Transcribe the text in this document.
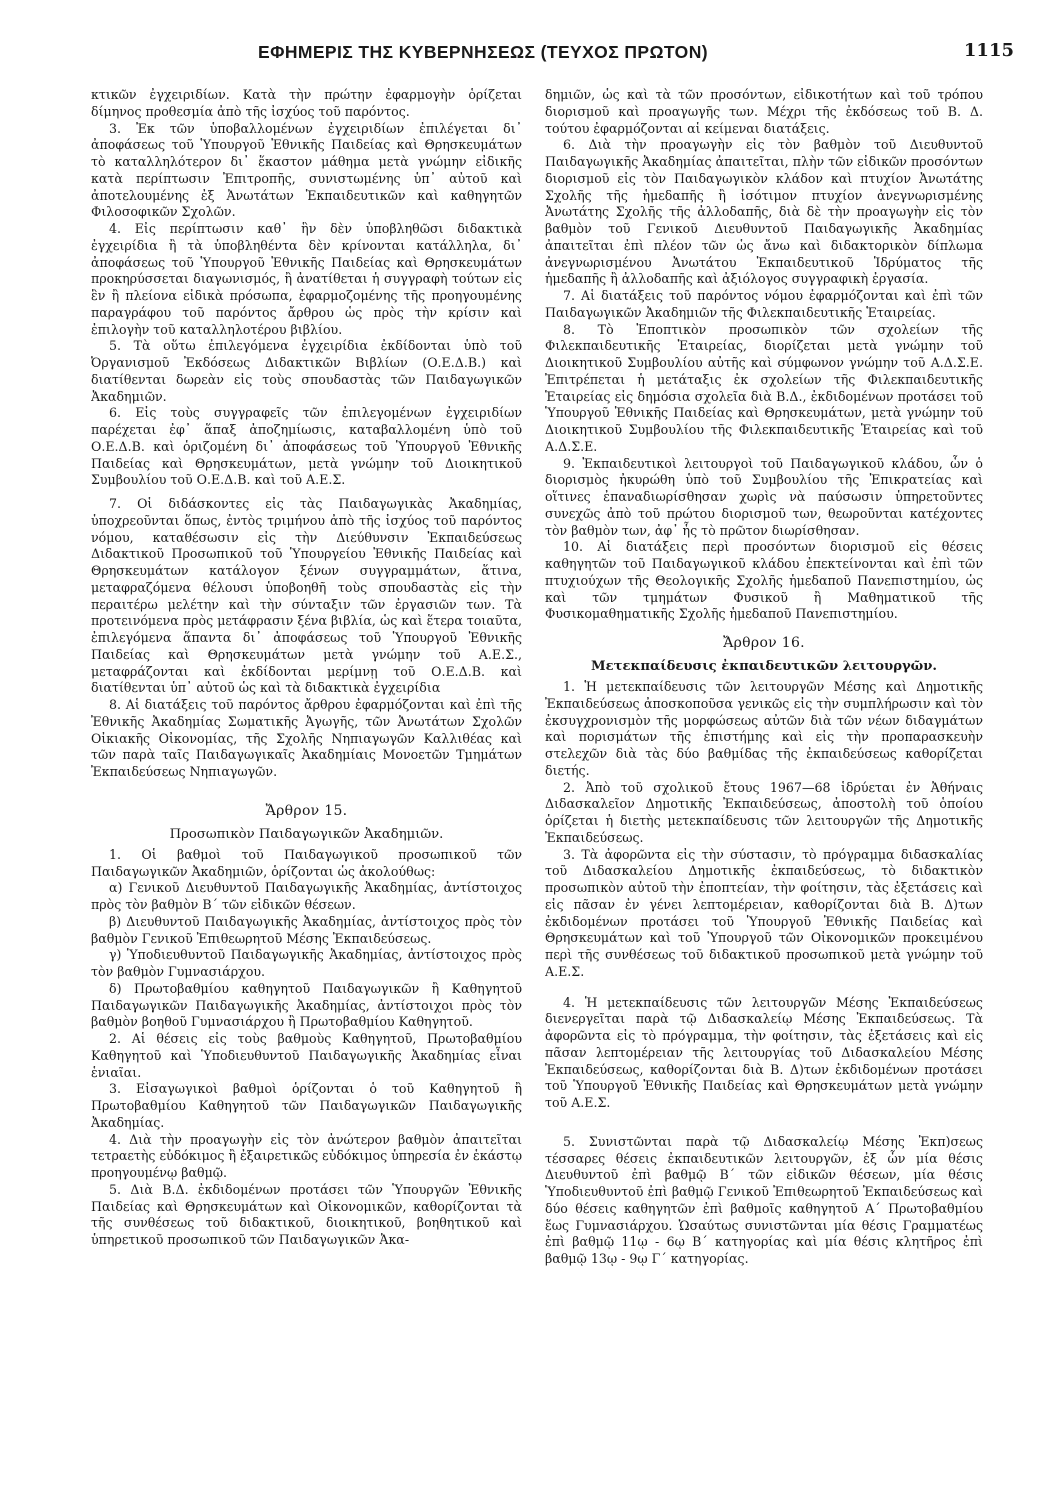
ΕΦΗΜΕΡΙΣ ΤΗΣ ΚΥΒΕΡΝΗΣΕΩΣ (ΤΕΥΧΟΣ ΠΡΩΤΟΝ)	1115

κτικῶν ἐγχειριδίων. Κατὰ τὴν πρώτην ἐφαρμογὴν ὁρίζεται δίμηνος προθεσμία ἀπὸ τῆς ἰσχύος τοῦ παρόντος.

3. Ἐκ τῶν ὑποβαλλομένων ἐγχειριδίων ἐπιλέγεται δι᾿ ἀποφάσεως τοῦ Ὑπουργοῦ Ἐθνικῆς Παιδείας καὶ Θρησκευμάτων τὸ καταλληλότερον δι᾿ ἕκαστον μάθημα μετὰ γνώμην εἰδικῆς κατὰ περίπτωσιν Ἐπιτροπῆς, συνιστωμένης ὑπ᾿ αὐτοῦ καὶ ἀποτελουμένης ἐξ Ἀνωτάτων Ἐκπαιδευτικῶν καὶ καθηγητῶν Φιλοσοφικῶν Σχολῶν.

4. Εἰς περίπτωσιν καθ᾿ ἣν δὲν ὑποβληθῶσι διδακτικὰ ἐγχειρίδια ἢ τὰ ὑποβληθέντα δὲν κρίνονται κατάλληλα, δι᾿ ἀποφάσεως τοῦ Ὑπουργοῦ Ἐθνικῆς Παιδείας καὶ Θρησκευμάτων προκηρύσσεται διαγωνισμός, ἢ ἀνατίθεται ἡ συγγραφὴ τούτων εἰς ἓν ἢ πλείονα εἰδικὰ πρόσωπα, ἐφαρμοζομένης τῆς προηγουμένης παραγράφου τοῦ παρόντος ἄρθρου ὡς πρὸς τὴν κρίσιν καὶ ἐπιλογὴν τοῦ καταλληλοτέρου βιβλίου.

5. Τὰ οὕτω ἐπιλεγόμενα ἐγχειρίδια ἐκδίδονται ὑπὸ τοῦ Ὀργανισμοῦ Ἐκδόσεως Διδακτικῶν Βιβλίων (Ο.Ε.Δ.Β.) καὶ διατίθενται δωρεὰν εἰς τοὺς σπουδαστὰς τῶν Παιδαγωγικῶν Ἀκαδημιῶν.

6. Εἰς τοὺς συγγραφεῖς τῶν ἐπιλεγομένων ἐγχειριδίων παρέχεται ἐφ᾿ ἅπαξ ἀποζημίωσις, καταβαλλομένη ὑπὸ τοῦ Ο.Ε.Δ.Β. καὶ ὁριζομένη δι᾿ ἀποφάσεως τοῦ Ὑπουργοῦ Ἐθνικῆς Παιδείας καὶ Θρησκευμάτων, μετὰ γνώμην τοῦ Διοικητικοῦ Συμβουλίου τοῦ Ο.Ε.Δ.Β. καὶ τοῦ Α.Ε.Σ.

7. Οἱ διδάσκοντες εἰς τὰς Παιδαγωγικὰς Ἀκαδημίας, ὑποχρεοῦνται ὅπως, ἐντὸς τριμήνου ἀπὸ τῆς ἰσχύος τοῦ παρόντος νόμου, καταθέσωσιν εἰς τὴν Διεύθυνσιν Ἐκπαιδεύσεως Διδακτικοῦ Προσωπικοῦ τοῦ Ὑπουργείου Ἐθνικῆς Παιδείας καὶ Θρησκευμάτων κατάλογον ξένων συγγραμμάτων, ἅτινα, μεταφραζόμενα θέλουσι ὑποβοηθῆ τοὺς σπουδαστὰς εἰς τὴν περαιτέρω μελέτην καὶ τὴν σύνταξιν τῶν ἐργασιῶν των. Τὰ προτεινόμενα πρὸς μετάφρασιν ξένα βιβλία, ὡς καὶ ἕτερα τοιαῦτα, ἐπιλεγόμενα ἅπαντα δι᾿ ἀποφάσεως τοῦ Ὑπουργοῦ Ἐθνικῆς Παιδείας καὶ Θρησκευμάτων μετὰ γνώμην τοῦ Α.Ε.Σ., μεταφράζονται καὶ ἐκδίδονται μερίμνῃ τοῦ Ο.Ε.Δ.Β. καὶ διατίθενται ὑπ᾿ αὐτοῦ ὡς καὶ τὰ διδακτικὰ ἐγχειρίδια

8. Αἱ διατάξεις τοῦ παρόντος ἄρθρου ἐφαρμόζονται καὶ ἐπὶ τῆς Ἐθνικῆς Ἀκαδημίας Σωματικῆς Ἀγωγῆς, τῶν Ἀνωτάτων Σχολῶν Οἰκιακῆς Οἰκονομίας, τῆς Σχολῆς Νηπιαγωγῶν Καλλιθέας καὶ τῶν παρὰ ταῖς Παιδαγωγικαῖς Ἀκαδημίαις Μονοετῶν Τμημάτων Ἐκπαιδεύσεως Νηπιαγωγῶν.

Ἄρθρον 15.

Προσωπικὸν Παιδαγωγικῶν Ἀκαδημιῶν.

1. Οἱ βαθμοὶ τοῦ Παιδαγωγικοῦ προσωπικοῦ τῶν Παιδαγωγικῶν Ἀκαδημιῶν, ὁρίζονται ὡς ἀκολούθως:

α) Γενικοῦ Διευθυντοῦ Παιδαγωγικῆς Ἀκαδημίας, ἀντίστοιχος πρὸς τὸν βαθμὸν Β΄ τῶν εἰδικῶν θέσεων.

β) Διευθυντοῦ Παιδαγωγικῆς Ἀκαδημίας, ἀντίστοιχος πρὸς τὸν βαθμὸν Γενικοῦ Ἐπιθεωρητοῦ Μέσης Ἐκπαιδεύσεως.

γ) Ὑποδιευθυντοῦ Παιδαγωγικῆς Ἀκαδημίας, ἀντίστοιχος πρὸς τὸν βαθμὸν Γυμνασιάρχου.

δ) Πρωτοβαθμίου καθηγητοῦ Παιδαγωγικῶν ἢ Καθηγητοῦ Παιδαγωγικῶν Παιδαγωγικῆς Ἀκαδημίας, ἀντίστοιχοι πρὸς τὸν βαθμὸν βοηθοῦ Γυμνασιάρχου ἢ Πρωτοβαθμίου Καθηγητοῦ.

2. Αἱ θέσεις εἰς τοὺς βαθμοὺς Καθηγητοῦ, Πρωτοβαθμίου Καθηγητοῦ καὶ Ὑποδιευθυντοῦ Παιδαγωγικῆς Ἀκαδημίας εἶναι ἑνιαῖαι.

3. Εἰσαγωγικοὶ βαθμοὶ ὁρίζονται ὁ τοῦ Καθηγητοῦ ἢ Πρωτοβαθμίου Καθηγητοῦ τῶν Παιδαγωγικῶν Παιδαγωγικῆς Ἀκαδημίας.

4. Διὰ τὴν προαγωγὴν εἰς τὸν ἀνώτερον βαθμὸν ἀπαιτεῖται τετραετὴς εὐδόκιμος ἢ ἐξαιρετικῶς εὐδόκιμος ὑπηρεσία ἐν ἑκάστῳ προηγουμένῳ βαθμῷ.

5. Διὰ Β.Δ. ἐκδιδομένων προτάσει τῶν Ὑπουργῶν Ἐθνικῆς Παιδείας καὶ Θρησκευμάτων καὶ Οἰκονομικῶν, καθορίζονται τὰ τῆς συνθέσεως τοῦ διδακτικοῦ, διοικητικοῦ, βοηθητικοῦ καὶ ὑπηρετικοῦ προσωπικοῦ τῶν Παιδαγωγικῶν Ἀκα-

δημιῶν, ὡς καὶ τὰ τῶν προσόντων, εἰδικοτήτων καὶ τοῦ τρόπου διορισμοῦ καὶ προαγωγῆς των. Μέχρι τῆς ἐκδόσεως τοῦ Β. Δ. τούτου ἐφαρμόζονται αἱ κείμεναι διατάξεις.

6. Διὰ τὴν προαγωγὴν εἰς τὸν βαθμὸν τοῦ Διευθυντοῦ Παιδαγωγικῆς Ἀκαδημίας ἀπαιτεῖται, πλὴν τῶν εἰδικῶν προσόντων διορισμοῦ εἰς τὸν Παιδαγωγικὸν κλάδον καὶ πτυχίον Ἀνωτάτης Σχολῆς τῆς ἡμεδαπῆς ἢ ἰσότιμον πτυχίον ἀνεγνωρισμένης Ἀνωτάτης Σχολῆς τῆς ἀλλοδαπῆς, διὰ δὲ τὴν προαγωγὴν εἰς τὸν βαθμὸν τοῦ Γενικοῦ Διευθυντοῦ Παιδαγωγικῆς Ἀκαδημίας ἀπαιτεῖται ἐπὶ πλέον τῶν ὡς ἄνω καὶ διδακτορικὸν δίπλωμα ἀνεγνωρισμένου Ἀνωτάτου Ἐκπαιδευτικοῦ Ἱδρύματος τῆς ἡμεδαπῆς ἢ ἀλλοδαπῆς καὶ ἀξιόλογος συγγραφικὴ ἐργασία.

7. Αἱ διατάξεις τοῦ παρόντος νόμου ἐφαρμόζονται καὶ ἐπὶ τῶν Παιδαγωγικῶν Ἀκαδημιῶν τῆς Φιλεκπαιδευτικῆς Ἑταιρείας.

8. Τὸ Ἐποπτικὸν προσωπικὸν τῶν σχολείων τῆς Φιλεκπαιδευτικῆς Ἑταιρείας, διορίζεται μετὰ γνώμην τοῦ Διοικητικοῦ Συμβουλίου αὐτῆς καὶ σύμφωνον γνώμην τοῦ Α.Δ.Σ.Ε. Ἐπιτρέπεται ἡ μετάταξις ἐκ σχολείων τῆς Φιλεκπαιδευτικῆς Ἑταιρείας εἰς δημόσια σχολεῖα διὰ Β.Δ., ἐκδιδομένων προτάσει τοῦ Ὑπουργοῦ Ἐθνικῆς Παιδείας καὶ Θρησκευμάτων, μετὰ γνώμην τοῦ Διοικητικοῦ Συμβουλίου τῆς Φιλεκπαιδευτικῆς Ἑταιρείας καὶ τοῦ Α.Δ.Σ.Ε.

9. Ἐκπαιδευτικοὶ λειτουργοὶ τοῦ Παιδαγωγικοῦ κλάδου, ὧν ὁ διορισμὸς ἠκυρώθη ὑπὸ τοῦ Συμβουλίου τῆς Ἐπικρατείας καὶ οἵτινες ἐπαναδιωρίσθησαν χωρὶς νὰ παύσωσιν ὑπηρετοῦντες συνεχῶς ἀπὸ τοῦ πρώτου διορισμοῦ των, θεωροῦνται κατέχοντες τὸν βαθμὸν των, ἀφ᾿ ἧς τὸ πρῶτον διωρίσθησαν.

10. Αἱ διατάξεις περὶ προσόντων διορισμοῦ εἰς θέσεις καθηγητῶν τοῦ Παιδαγωγικοῦ κλάδου ἐπεκτείνονται καὶ ἐπὶ τῶν πτυχιούχων τῆς Θεολογικῆς Σχολῆς ἡμεδαποῦ Πανεπιστημίου, ὡς καὶ τῶν τμημάτων Φυσικοῦ ἢ Μαθηματικοῦ τῆς Φυσικομαθηματικῆς Σχολῆς ἡμεδαποῦ Πανεπιστημίου.

Ἄρθρον 16.

Μετεκπαίδευσις ἐκπαιδευτικῶν λειτουργῶν.

1. Ἡ μετεκπαίδευσις τῶν λειτουργῶν Μέσης καὶ Δημοτικῆς Ἐκπαιδεύσεως ἀποσκοποῦσα γενικῶς εἰς τὴν συμπλήρωσιν καὶ τὸν ἐκσυγχρονισμὸν τῆς μορφώσεως αὐτῶν διὰ τῶν νέων διδαγμάτων καὶ πορισμάτων τῆς ἐπιστήμης καὶ εἰς τὴν προπαρασκευὴν στελεχῶν διὰ τὰς δύο βαθμίδας τῆς ἐκπαιδεύσεως καθορίζεται διετής.

2. Ἀπὸ τοῦ σχολικοῦ ἔτους 1967—68 ἱδρύεται ἐν Ἀθήναις Διδασκαλεῖον Δημοτικῆς Ἐκπαιδεύσεως, ἀποστολὴ τοῦ ὁποίου ὁρίζεται ἡ διετὴς μετεκπαίδευσις τῶν λειτουργῶν τῆς Δημοτικῆς Ἐκπαιδεύσεως.

3. Τὰ ἀφορῶντα εἰς τὴν σύστασιν, τὸ πρόγραμμα διδασκαλίας τοῦ Διδασκαλείου Δημοτικῆς ἐκπαιδεύσεως, τὸ διδακτικὸν προσωπικὸν αὐτοῦ τὴν ἐποπτείαν, τὴν φοίτησιν, τὰς ἐξετάσεις καὶ εἰς πᾶσαν ἐν γένει λεπτομέρειαν, καθορίζονται διὰ Β. Δ)των ἐκδιδομένων προτάσει τοῦ Ὑπουργοῦ Ἐθνικῆς Παιδείας καὶ Θρησκευμάτων καὶ τοῦ Ὑπουργοῦ τῶν Οἰκονομικῶν προκειμένου περὶ τῆς συνθέσεως τοῦ διδακτικοῦ προσωπικοῦ μετὰ γνώμην τοῦ Α.Ε.Σ.

4. Ἡ μετεκπαίδευσις τῶν λειτουργῶν Μέσης Ἐκπαιδεύσεως διενεργεῖται παρὰ τῷ Διδασκαλείῳ Μέσης Ἐκπαιδεύσεως. Τὰ ἀφορῶντα εἰς τὸ πρόγραμμα, τὴν φοίτησιν, τὰς ἐξετάσεις καὶ εἰς πᾶσαν λεπτομέρειαν τῆς λειτουργίας τοῦ Διδασκαλείου Μέσης Ἐκπαιδεύσεως, καθορίζονται διὰ Β. Δ)των ἐκδιδομένων προτάσει τοῦ Ὑπουργοῦ Ἐθνικῆς Παιδείας καὶ Θρησκευμάτων μετὰ γνώμην τοῦ Α.Ε.Σ.

5. Συνιστῶνται παρὰ τῷ Διδασκαλείῳ Μέσης Ἐκπ)σεως τέσσαρες θέσεις ἐκπαιδευτικῶν λειτουργῶν, ἐξ ὧν μία θέσις Διευθυντοῦ ἐπὶ βαθμῷ Β΄ τῶν εἰδικῶν θέσεων, μία θέσις Ὑποδιευθυντοῦ ἐπὶ βαθμῷ Γενικοῦ Ἐπιθεωρητοῦ Ἐκπαιδεύσεως καὶ δύο θέσεις καθηγητῶν ἐπὶ βαθμοῖς καθηγητοῦ Α΄ Πρωτοβαθμίου ἕως Γυμνασιάρχου. Ὡσαύτως συνιστῶνται μία θέσις Γραμματέως ἐπὶ βαθμῷ 11ῳ - 6ῳ Β΄ κατηγορίας καὶ μία θέσις κλητῆρος ἐπὶ βαθμῷ 13ῳ - 9ῳ Γ΄ κατηγορίας.
